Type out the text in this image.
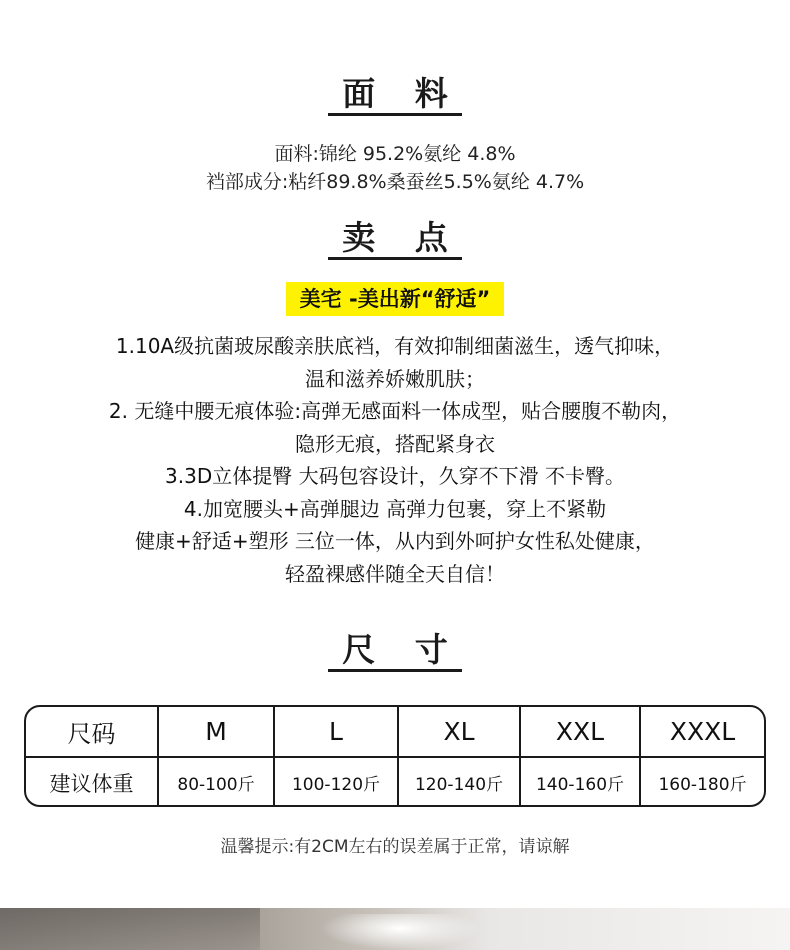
面 料
面料:锦纶 95.2%氨纶 4.8%
裆部成分:粘纤89.8%桑蚕丝5.5%氨纶 4.7%
卖 点
美宅 -美出新“舒适”
1.10A级抗菌玻尿酸亲肤底裆，有效抑制细菌滋生，透气抑味，
温和滋养娇嫩肌肤；
2. 无缝中腰无痕体验:高弹无感面料一体成型，贴合腰腹不勒肉，
隐形无痕，搭配紧身衣
3.3D立体提臀 大码包容设计，久穿不下滑 不卡臀。
4.加宽腰头+高弹腿边 高弹力包裹，穿上不紧勒
健康+舒适+塑形 三位一体，从内到外呵护女性私处健康，
轻盈裸感伴随全天自信！
尺 寸
尺码	M	L	XL	XXL	XXXL
建议体重	80-100斤	100-120斤	120-140斤	140-160斤	160-180斤
温馨提示:有2CM左右的误差属于正常，请谅解
